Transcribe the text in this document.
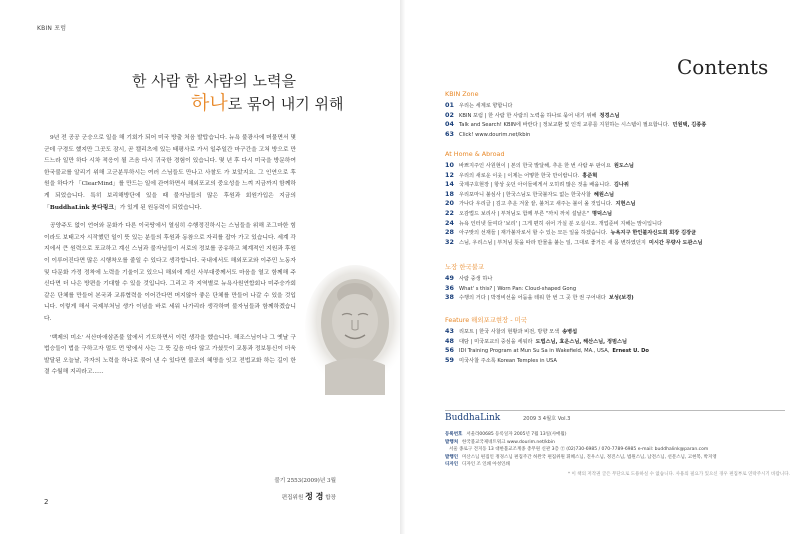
KBIN 포럼
한 사람 한 사람의 노력을
하나로 묶어 내기 위해

9년 전 공공 군승으로 일을 해 기회가 되어 미국 방출 처음 발탑습니다. 뉴욕 불광사에 머물면서 몇 군데 구경도 했지만 그곳도 잠시, 곧 캘리츠에 있는 태평사로 가서 일주일간 마구간을 고쳐 방으로 만드느라 일만 하다 시차 적응이 될 즈음 다시 귀국한 경험이 있습니다. 몇 년 후 다시 미국을 방문하여 한국불교를 알리기 위해 고군분투하시는 여러 스님들도 만나고 사찰도 가 보았지요. 그 인연으로 후원을 하다가 「ClearMind」를 만드는 일에 관여하면서 해외포교의 중요성을 느껴 지금까지 함께하게 되었습니다. 특히 보리해방단에 있을 때 불자님들의 많은 후원과 회원가입은 지금의 「BuddhaLink 붓다링크」가 있게 된 원동력이 되었습니다.

공양주도 없이 언어와 문화가 다른 이국땅에서 열심히 수행정진하시는 스님들을 위해 조그마한 힘이라도 보태고자 시작했던 일이 뜻 있는 분들의 후원과 동참으로 자리를 잡아 가고 있습니다. 세계 각지에서 큰 원력으로 포교하고 계신 스님과 불자님들이 서로의 정보를 공유하고 체계적인 지원과 후원이 이루어진다면 많은 시행착오를 줄일 수 있다고 생각합니다. 국내에서도 해외포교와 이주민 노동자 및 다문화 가정 정착에 노력을 기울이고 있으니 해외에 계신 사부대중께서도 마음을 열고 함께해 주신다면 더 나은 방편을 기대할 수 있을 것입니다. 그리고 각 지역별로 뉴욕사원연합회나 미주승가회 같은 단체를 만들어 본국과 교류협력을 이어간다면 머지않아 좋은 단체를 만들어 나갈 수 있을 것입니다. 이렇게 해서 국제부처님 생가 이념을 바로 세워 나가리라 생각하며 불자님들과 함께하겠습니다.

'백제의 미소' 서산마애삼존불 앞에서 기도하면서 이런 생각을 했습니다. 해조스님이나 그 옛날 구법승들이 법을 구하고자 멀도 먼 땅에서 사는 그 뜻 깊음 마다 않고 가셨듯이 교통과 정보통신이 더욱 발달된 오늘날, 각자의 노력을 하나로 묶어 낸 수 있다면 불조의 혜명을 잇고 전법교화 하는 길이 한결 수월해 지리라고......

불기 2553(2009)년 3월
편집위원 정 경 합장
2
Contents
KBIN Zone
01 우리는 세계로 향합니다
02 KBIN 포럼 | 한 사람 한 사람의 노력을 하나로 묶어 내기 위해 정경스님
04 Talk and Search! KBIN에 바란다 | 정보교환 및 인적 교류를 지원하는 시스템이 필요합니다. 민원택, 김종종
63 Click! www.dourim.net/kbin
At Home & Abroad
10 바쁘지주인 사원현이 | 본의 한국 발달해, 추운 한 번 사람 두 판이요 원도스님
12 우리의 새로운 이웃 | 이제는 어떻한 한국 만이랍니다. 홍준혁
14 국제구호현장 | 항상 웃던 아이들에게서 오히려 많은 것을 배웁니다. 김나위
18 우리포마니 불심사 | 한국스님도 한국불자도 없는 한국사찰 혜원스님
20 가나다 우리글 | 김고 추운 겨울 끝, 불처고 새주는 불이 올 것입니다. 지현스님
22 오감법드 보리사 | 부처님도 함께 부른 "까치 까치 설날은" 명덕스님
24 뉴욕 인터넷 들여다 '보리' | 그게 편히 쉬어 가실 분 오실시오. 개업준비 지해는 맘이입니다
28 아구맞의 선재들 | 재가불자로서 할 수 있는 모든 일을 하겠습니다. 뉴욕지구 한인불자신도회 회장 김장균
32 스님, 우리스님 | 부처님 뜻을 따라 만물을 붙는 일, 그대로 좋거든 새 몸 변하였던지 미시간 무량사 도관스님
노장 한국불교
49 사람 중생 하나
36 What' s this? | Worn Pan: Cloud-shaped Gong
38 수행의 거다 | 박정비선을 어둠을 테워 한 번 그 곳 한 권 구어내다 보성(보경)
Feature 해외포교현장 - 미국
43 리포트 | 한국 사찰의 현황과 비전, 방향 모색 송병섭
48 대담 | 미국포교의 중심을 세워라 도법스님, 효운스님, 해산스님, 정범스님
56 IDI Training Program at Mun Su Sa in Wakefield, MA., USA, Ernest U. Do
59 미국사찰 주소록 Korean Temples in USA
BuddhaLink	2009 3 4월호 Vol.3
등록번호 서울라00685 등록일자 2005년 7월 13일(사매월)
발행처 한국불교국제네트워크 www.dourim.net/kbin
서울 종로구 견지동 13 대한불교조계종 총무원 신관 3층 Ⓣ (02)730-6985 / 070-7789-6985 e-mail: buddhalink@paran.com
발행인 미산스님 편집인 정경스님 편집주간 허완국 편집위원 휘혜스님, 진우스님, 정진스님, 법원스님, 남전스님, 선문스님, 고현복, 박지영
디자인 디자인 조 인쇄 아성인쇄
* 이 책의 저작권 글은 무단으로 도용하실 수 없습니다. 사용의 필요가 있으신 경우 편집부로 연락주시기 바랍니다.
